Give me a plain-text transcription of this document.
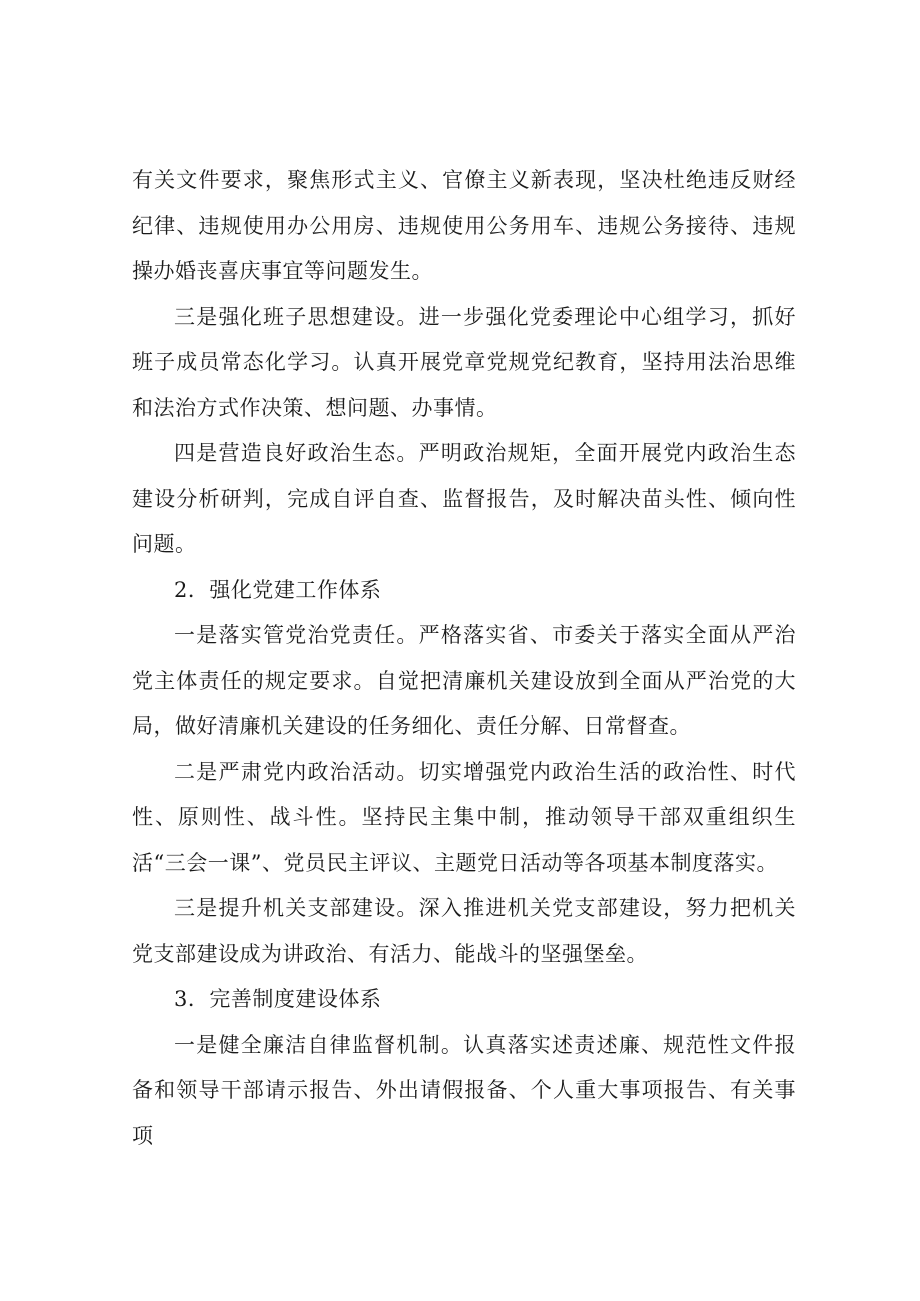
有关文件要求，聚焦形式主义、官僚主义新表现，坚决杜绝违反财经纪律、违规使用办公用房、违规使用公务用车、违规公务接待、违规操办婚丧喜庆事宜等问题发生。

三是强化班子思想建设。进一步强化党委理论中心组学习，抓好班子成员常态化学习。认真开展党章党规党纪教育，坚持用法治思维和法治方式作决策、想问题、办事情。

四是营造良好政治生态。严明政治规矩，全面开展党内政治生态建设分析研判，完成自评自查、监督报告，及时解决苗头性、倾向性问题。

2．强化党建工作体系

一是落实管党治党责任。严格落实省、市委关于落实全面从严治党主体责任的规定要求。自觉把清廉机关建设放到全面从严治党的大局，做好清廉机关建设的任务细化、责任分解、日常督查。

二是严肃党内政治活动。切实增强党内政治生活的政治性、时代性、原则性、战斗性。坚持民主集中制，推动领导干部双重组织生活“三会一课”、党员民主评议、主题党日活动等各项基本制度落实。

三是提升机关支部建设。深入推进机关党支部建设，努力把机关党支部建设成为讲政治、有活力、能战斗的坚强堡垒。

3．完善制度建设体系

一是健全廉洁自律监督机制。认真落实述责述廉、规范性文件报备和领导干部请示报告、外出请假报备、个人重大事项报告、有关事项
